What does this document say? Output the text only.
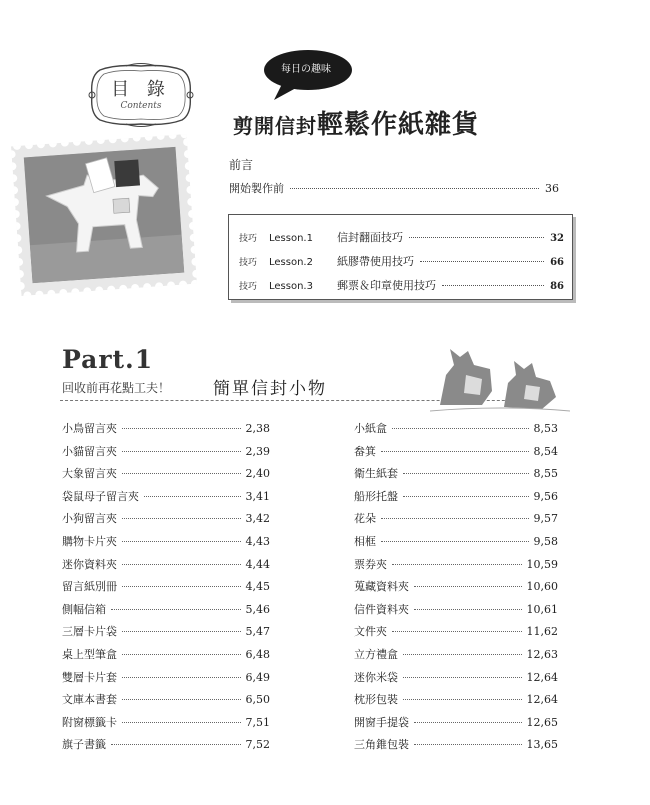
目 錄
Contents
每日の趣味
剪開信封輕鬆作紙雜貨
前言
開始製作前	36
技巧	Lesson.1	信封翻面技巧	32
技巧	Lesson.2	紙膠帶使用技巧	66
技巧	Lesson.3	郵票＆印章使用技巧	86
Part.1
回收前再花點工夫！	簡單信封小物
小鳥留言夾	2,38
小貓留言夾	2,39
大象留言夾	2,40
袋鼠母子留言夾	3,41
小狗留言夾	3,42
購物卡片夾	4,43
迷你資料夾	4,44
留言紙別冊	4,45
側幅信箱	5,46
三層卡片袋	5,47
桌上型筆盒	6,48
雙層卡片套	6,49
文庫本書套	6,50
附窗標籤卡	7,51
旗子書籤	7,52
小紙盒	8,53
畚箕	8,54
衛生紙套	8,55
船形托盤	9,56
花朵	9,57
相框	9,58
票券夾	10,59
蒐藏資料夾	10,60
信件資料夾	10,61
文件夾	11,62
立方禮盒	12,63
迷你米袋	12,64
枕形包裝	12,64
開窗手提袋	12,65
三角錐包裝	13,65
